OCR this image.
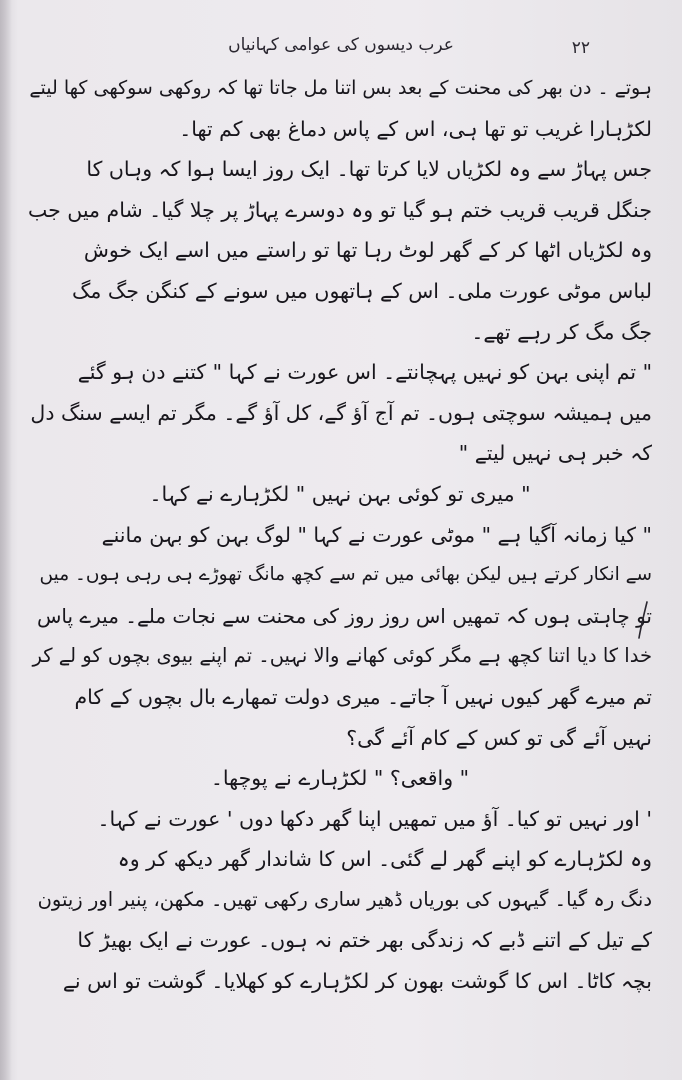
عرب دیسوں کی عوامی کہانیاں	۲۲
ہوتے ۔ دن بھر کی محنت کے بعد بس اتنا مل جاتا تھا کہ روکھی سوکھی کھا لیتے
لکڑہارا غریب تو تھا ہی، اس کے پاس دماغ بھی کم تھا۔
جس پہاڑ سے وہ لکڑیاں لایا کرتا تھا۔ ایک روز ایسا ہوا کہ وہاں کا
جنگل قریب قریب ختم ہو گیا تو وہ دوسرے پہاڑ پر چلا گیا۔ شام میں جب
وہ لکڑیاں اٹھا کر کے گھر لوٹ رہا تھا تو راستے میں اسے ایک خوش
لباس موٹی عورت ملی۔ اس کے ہاتھوں میں سونے کے کنگن جگ مگ
جگ مگ کر رہے تھے۔
" تم اپنی بہن کو نہیں پہچانتے۔ اس عورت نے کہا " کتنے دن ہو گئے
میں ہمیشہ سوچتی ہوں۔ تم آج آؤ گے، کل آؤ گے۔ مگر تم ایسے سنگ دل
کہ خبر ہی نہیں لیتے "
" میری تو کوئی بہن نہیں " لکڑہارے نے کہا۔
" کیا زمانہ آگیا ہے " موٹی عورت نے کہا " لوگ بہن کو بہن ماننے
سے انکار کرتے ہیں لیکن بھائی میں تم سے کچھ مانگ تھوڑے ہی رہی ہوں۔ میں
تو چاہتی ہوں کہ تمھیں اس روز روز کی محنت سے نجات ملے۔ میرے پاس
خدا کا دیا اتنا کچھ ہے مگر کوئی کھانے والا نہیں۔ تم اپنے بیوی بچوں کو لے کر
تم میرے گھر کیوں نہیں آ جاتے۔ میری دولت تمھارے بال بچوں کے کام
نہیں آئے گی تو کس کے کام آئے گی؟
" واقعی؟ " لکڑہارے نے پوچھا۔
' اور نہیں تو کیا۔ آؤ میں تمھیں اپنا گھر دکھا دوں ' عورت نے کہا۔
وہ لکڑہارے کو اپنے گھر لے گئی۔ اس کا شاندار گھر دیکھ کر وہ
دنگ رہ گیا۔ گیہوں کی بوریاں ڈھیر ساری رکھی تھیں۔ مکھن، پنیر اور زیتون
کے تیل کے اتنے ڈبے کہ زندگی بھر ختم نہ ہوں۔ عورت نے ایک بھیڑ کا
بچہ کاٹا۔ اس کا گوشت بھون کر لکڑہارے کو کھلایا۔ گوشت تو اس نے
